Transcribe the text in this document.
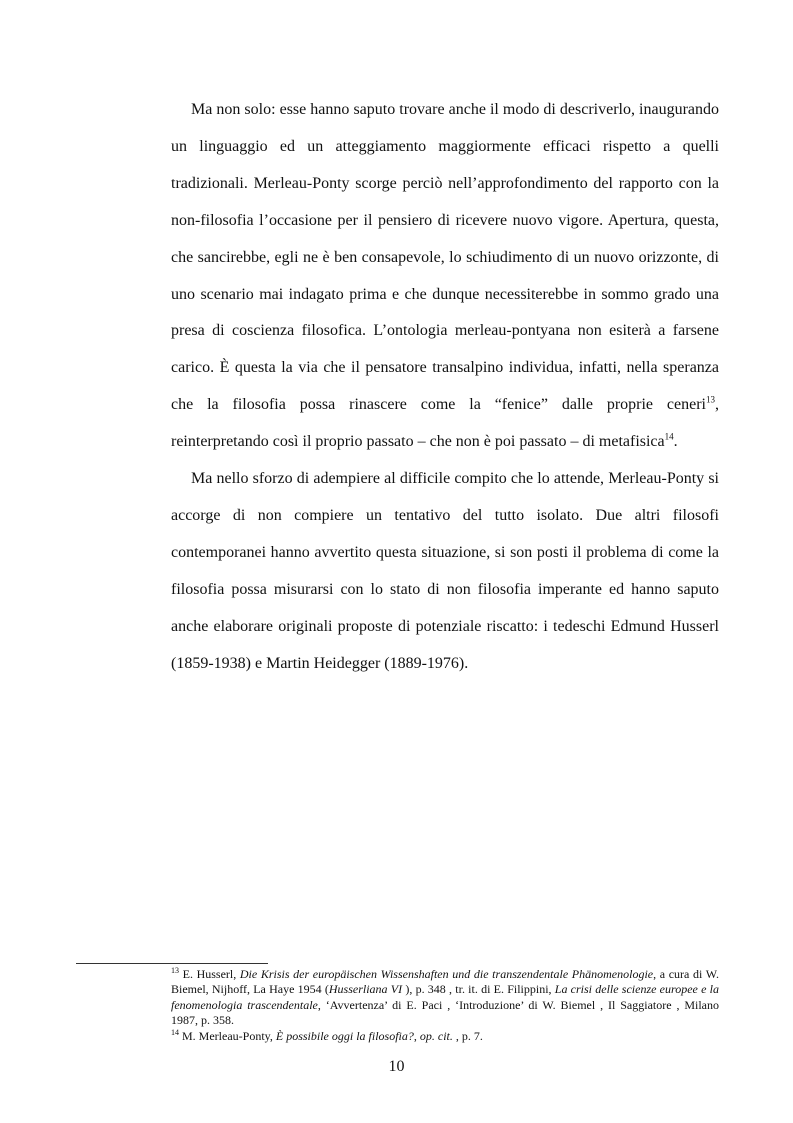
Ma non solo: esse hanno saputo trovare anche il modo di descriverlo, inaugurando un linguaggio ed un atteggiamento maggiormente efficaci rispetto a quelli tradizionali. Merleau-Ponty scorge perciò nell’approfondimento del rapporto con la non-filosofia l’occasione per il pensiero di ricevere nuovo vigore. Apertura, questa, che sancirebbe, egli ne è ben consapevole, lo schiudimento di un nuovo orizzonte, di uno scenario mai indagato prima e che dunque necessiterebbe in sommo grado una presa di coscienza filosofica. L’ontologia merleau-pontyana non esiterà a farsene carico. È questa la via che il pensatore transalpino individua, infatti, nella speranza che la filosofia possa rinascere come la “fenice” dalle proprie ceneri$^{13}$, reinterpretando così il proprio passato – che non è poi passato – di metafisica$^{14}$.

Ma nello sforzo di adempiere al difficile compito che lo attende, Merleau-Ponty si accorge di non compiere un tentativo del tutto isolato. Due altri filosofi contemporanei hanno avvertito questa situazione, si son posti il problema di come la filosofia possa misurarsi con lo stato di non filosofia imperante ed hanno saputo anche elaborare originali proposte di potenziale riscatto: i tedeschi Edmund Husserl (1859-1938) e Martin Heidegger (1889-1976).

$^{13}$ E. Husserl, Die Krisis der europäischen Wissenshaften und die transzendentale Phänomenologie, a cura di W. Biemel, Nijhoff, La Haye 1954 (Husserliana VI ), p. 348 , tr. it. di E. Filippini, La crisi delle scienze europee e la fenomenologia trascendentale, ‘Avvertenza’ di E. Paci , ‘Introduzione’ di W. Biemel , Il Saggiatore , Milano 1987, p. 358.

$^{14}$ M. Merleau-Ponty, È possibile oggi la filosofia?, op. cit. , p. 7.

10
